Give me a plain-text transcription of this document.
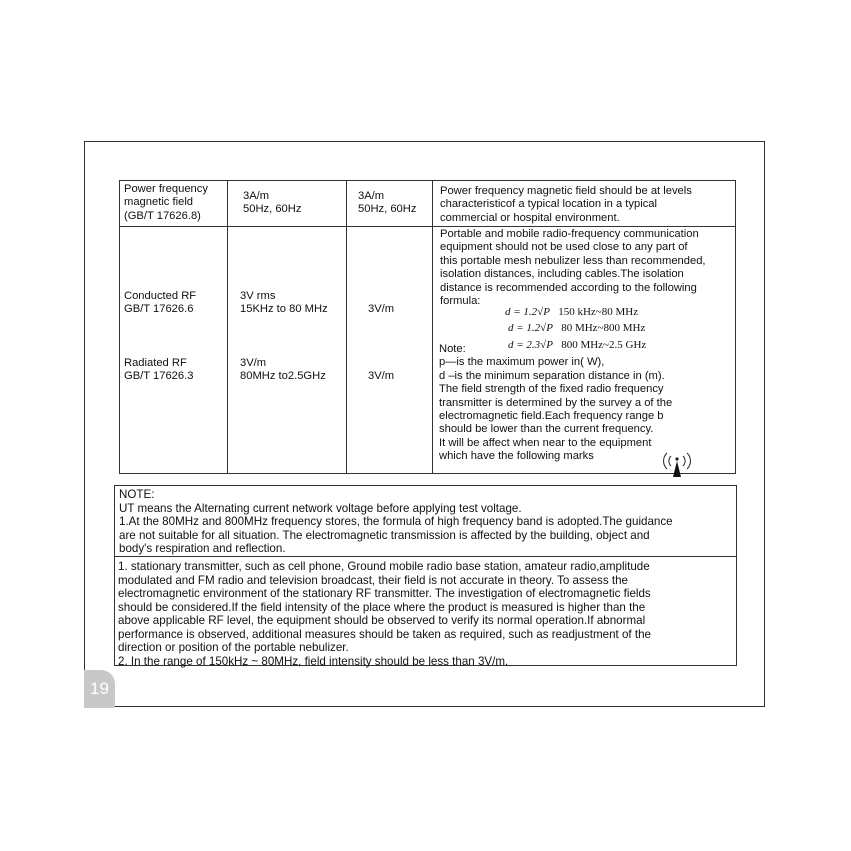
Power frequency
magnetic field
(GB/T 17626.8)
3A/m
50Hz, 60Hz
3A/m
50Hz, 60Hz
Power frequency magnetic field should be at levels
characteristicof a typical location in a typical
commercial or hospital environment.
Conducted RF
GB/T 17626.6
3V rms
15KHz to 80 MHz	3V/m
Radiated RF
GB/T 17626.3
3V/m
80MHz to2.5GHz	3V/m
Portable and mobile radio-frequency communication
equipment should not be used close to any part of
this portable mesh nebulizer less than recommended,
isolation distances, including cables.The isolation
distance is recommended according to the following
formula:
d = 1.2√P 150 kHz~80 MHz
d = 1.2√P 80 MHz~800 MHz
d = 2.3√P 800 MHz~2.5 GHz
Note:
p—is the maximum power in( W),
d –is the minimum separation distance in (m).
The field strength of the fixed radio frequency
transmitter is determined by the survey a of the
electromagnetic field.Each frequency range b
should be lower than the current frequency.
It will be affect when near to the equipment
which have the following marks
NOTE:
UT means the Alternating current network voltage before applying test voltage.
1.At the 80MHz and 800MHz frequency stores, the formula of high frequency band is adopted.The guidance
are not suitable for all situation. The electromagnetic transmission is affected by the building, object and
body's respiration and reflection.
1. stationary transmitter, such as cell phone, Ground mobile radio base station, amateur radio,amplitude
modulated and FM radio and television broadcast, their field is not accurate in theory. To assess the
electromagnetic environment of the stationary RF transmitter. The investigation of electromagnetic fields
should be considered.If the field intensity of the place where the product is measured is higher than the
above applicable RF level, the equipment should be observed to verify its normal operation.If abnormal
performance is observed, additional measures should be taken as required, such as readjustment of the
direction or position of the portable nebulizer.
2. In the range of 150kHz ~ 80MHz, field intensity should be less than 3V/m.
19
